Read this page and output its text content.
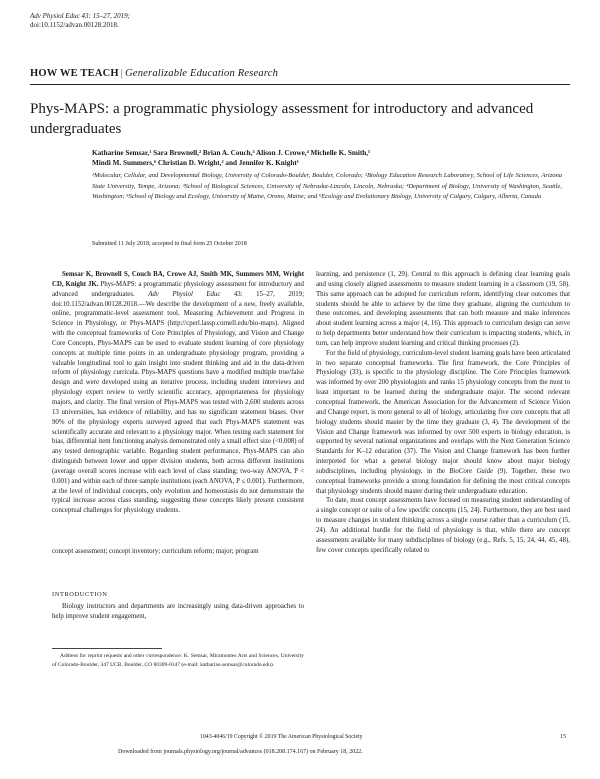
Adv Physiol Educ 43: 15–27, 2019;
doi:10.1152/advan.00128.2018.
HOW WE TEACH | Generalizable Education Research
Phys-MAPS: a programmatic physiology assessment for introductory and advanced undergraduates
Katharine Semsar,¹ Sara Brownell,² Brian A. Couch,³ Alison J. Crowe,⁴ Michelle K. Smith,⁵
Mindi M. Summers,⁶ Christian D. Wright,² and Jennifer K. Knight¹
¹Molecular, Cellular, and Developmental Biology, University of Colorado-Boulder, Boulder, Colorado; ²Biology Education Research Laboratory, School of Life Sciences, Arizona State University, Tempe, Arizona; ³School of Biological Sciences, University of Nebraska-Lincoln, Lincoln, Nebraska; ⁴Department of Biology, University of Washington, Seattle, Washington; ⁵School of Biology and Ecology, University of Maine, Orono, Maine; and ⁶Ecology and Evolutionary Biology, University of Calgary, Calgary, Alberta, Canada
Submitted 11 July 2018; accepted in final form 25 October 2018

Semsar K, Brownell S, Couch BA, Crowe AJ, Smith MK, Summers MM, Wright CD, Knight JK. Phys-MAPS: a programmatic physiology assessment for introductory and advanced undergraduates. Adv Physiol Educ 43: 15–27, 2019; doi:10.1152/advan.00128.2018.—We describe the development of a new, freely available, online, programmatic-level assessment tool, Measuring Achievement and Progress in Science in Physiology, or Phys-MAPS (http://cperl.lassp.cornell.edu/bio-maps). Aligned with the conceptual frameworks of Core Principles of Physiology, and Vision and Change Core Concepts, Phys-MAPS can be used to evaluate student learning of core physiology concepts at multiple time points in an undergraduate physiology program, providing a valuable longitudinal tool to gain insight into student thinking and aid in the data-driven reform of physiology curricula. Phys-MAPS questions have a modified multiple true/false design and were developed using an iterative process, including student interviews and physiology expert review to verify scientific accuracy, appropriateness for physiology majors, and clarity. The final version of Phys-MAPS was tested with 2,600 students across 13 universities, has evidence of reliability, and has no significant statement biases. Over 90% of the physiology experts surveyed agreed that each Phys-MAPS statement was scientifically accurate and relevant to a physiology major. When testing each statement for bias, differential item functioning analysis demonstrated only a small effect size (<0.008) of any tested demographic variable. Regarding student performance, Phys-MAPS can also distinguish between lower and upper division students, both across different institutions (average overall scores increase with each level of class standing; two-way ANOVA, P < 0.001) and within each of three sample institutions (each ANOVA, P ≤ 0.001). Furthermore, at the level of individual concepts, only evolution and homeostasis do not demonstrate the typical increase across class standing, suggesting these concepts likely present consistent conceptual challenges for physiology students.

concept assessment; concept inventory; curriculum reform; major; program
INTRODUCTION
Biology instructors and departments are increasingly using data-driven approaches to help improve student engagement,
Address for reprint requests and other correspondence: K. Semsar, Miramontes Arts and Sciences, University of Colorado-Boulder, 347 UCB, Boulder, CO 80309-0347 (e-mail: katharine.semsar@colorado.edu).

learning, and persistence (1, 29). Central to this approach is defining clear learning goals and using closely aligned assessments to measure student learning in a classroom (19, 58). This same approach can be adopted for curriculum reform, identifying clear outcomes that students should be able to achieve by the time they graduate, aligning the curriculum to these outcomes, and developing assessments that can both measure and make inferences about student learning across a major (4, 16). This approach to curriculum design can serve to help departments better understand how their curriculum is impacting students, which, in turn, can help improve student learning and critical thinking processes (2).

For the field of physiology, curriculum-level student learning goals have been articulated in two separate conceptual frameworks. The first framework, the Core Principles of Physiology (33), is specific to the physiology discipline. The Core Principles framework was informed by over 200 physiologists and ranks 15 physiology concepts from the most to least important to be learned during the undergraduate major. The second relevant conceptual framework, the American Association for the Advancement of Science Vision and Change report, is more general to all of biology, articulating five core concepts that all biology students should master by the time they graduate (3, 4). The development of the Vision and Change framework was informed by over 500 experts in biology education, is supported by several national organizations and overlaps with the Next Generation Science Standards for K–12 education (37). The Vision and Change framework has been further interpreted for what a general biology major should know about major biology subdisciplines, including physiology, in the BioCore Guide (9). Together, these two conceptual frameworks provide a strong foundation for defining the most critical concepts that physiology students should master during their undergraduate education.

To date, most concept assessments have focused on measuring student understanding of a single concept or suite of a few specific concepts (15, 24). Furthermore, they are best used to measure changes in student thinking across a single course rather than a curriculum (15, 24). An additional hurdle for the field of physiology is that, while there are concept assessments available for many subdisciplines of biology (e.g., Refs. 5, 15, 24, 44, 45, 48), few cover concepts specifically related to

1043-4046/19 Copyright © 2019 The American Physiological Society	15
Downloaded from journals.physiology.org/journal/advances (018.208.174.167) on February 18, 2022.
